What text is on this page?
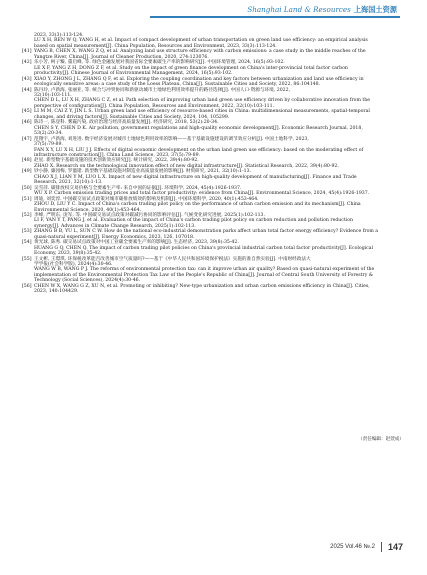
Shanghai Land & Resources 上海国土资源
2023, 33(3):113-124.
LU X H, REN W Q, YANG H, et al. Impact of compact development of urban transportation on green land use efficiency: an empirical analysis
based on spatial measurement[J]. China Population, Resources and Environment, 2023, 33(3):113-124.
[41] YANG B, CHEN X, WANG Z Q, et al. Analyzing land use structure efficiency with carbon emissions: a case study in the middle reaches of the
Yangtze River, China[J]. Journal of Cleaner Production, 2020, 274:123076.
[42] 乐小芳, 柯子臻, 董启峰, 等. 绿色金融发展对我国省际全要素碳生产率的影响研究[J]. 中国环境管理, 2024, 16(5):93-102.
LE X F, YANG Z H, DONG Z F, et al. Study on the impact of green finance development on China's inter-provincial total factor carbon
productivity[J]. Chinese Journal of Environmental Management, 2024, 16(5):93-102.
[43] XIAO Y, ZHONG J L, ZHANG Q F, et al. Exploring the coupling coordination and key factors between urbanization and land use efficiency in
ecologically sensitive areas: a case study of the Loess Plateau, China[J]. Sustainable Cities and Society, 2022, 86:104148.
[44] 陈丹玲, 卢新海, 张丽亚, 等. 统合与冲突协同和新驱动城市土地绿色利用效率提升的路径选择[J]. 中国人口·资源与环境, 2022,
32(10):103-111.
CHEN D L, LU X H, ZHANG C Z, et al. Path selection of improving urban land green use efficiency driven by collaborative innovation from the
perspective of configuration[J]. China Population, Resources and Environment, 2022, 32(10):103-111.
[45] LI M M, CAI Z Y, JIN L S. Urban green land use efficiency of resource-based cities in China: multidimensional measurements, spatial-temporal
changes, and driving factors[J]. Sustainable Cities and Society, 2024, 104, 105299.
[46] 陈诗一, 陈登科. 雾霾污染, 政府治理与经济高质量发展[J]. 经济研究, 2018, 53(2):20-34.
CHEN S Y, CHEN D K. Air pollution, government regulations and high-quality economic development[J]. Economic Research Journal, 2018,
53(2):20-34.
[47] 范翔宇, 卢新海, 刘进进. 数字经济发展对城市土地绿色利用效率的影响——基于基础设施建设的调节效应分析[J]. 中国土地科学, 2023,
37(5):79-89.
FAN X Y, LU X H, LIU J J. Effects of digital economic development on the urban land green use efficiency: based on the moderating effect of
infrastructure construction[J]. China Land Science, 2023, 37(5):79-89.
[48] 赵星. 新型数字基础设施的技术创新效应研究[J]. 统计研究, 2022, 39(4):80-92.
ZHAO X. Research on the technological innovation effect of new digital infrastructure[J]. Statistical Research, 2022, 39(4):80-92.
[49] 钞小静, 廉园梅, 罗鎏锴. 新型数字基础设施对制造业高质量发展的影响[J]. 财贸研究, 2021, 32(10):1-13.
CHAO X J, LIAN Y M, LUO L X. Impact of new digital infrastructure on high-quality development of manufacturing[J]. Finance and Trade
Research, 2021, 32(10):1-13.
[50] 吴雪萍. 碳排放权交易价格与全要素生产率: 来自中国的证据[J]. 环境科学, 2024, 45(4):1926-1937.
WU X P. Carbon emission trading prices and total factor productivity: evidence from China[J]. Environmental Science, 2024, 45(4):1926-1937.
[51] 周迪, 刘奕淳. 中国碳交易试点政策对城市碳排放绩效的影响及机制[J]. 中国环境科学, 2020, 40(1):453-464.
ZHOU D, LIU Y C. Impact of China's carbon trading pilot policy on the performance of urban carbon emission and its mechanism[J]. China
Environmental Science, 2020, 40(1):453-464.
[52] 李峰, 严明东, 庞军, 等. 中国碳交易试点政策对碳减污协同的影响评估[J]. 气候变化研究进展, 2025(1):102-113.
LI F, YAN Y T, PANG J, et al. Evaluation of the impact of China's carbon trading pilot policy on carbon reduction and pollution reduction
synergy[J]. Advances in Climate Change Research, 2025(1):102-113.
[53] ZHANG B B, YU L, SUN C W. How do the national eco-industrial demonstration parks affect urban total factor energy efficiency? Evidence from a
quasi-natural experiment[J]. Energy Economics, 2023, 126, 107018.
[54] 黄光球, 陈秀. 碳交易试点政策对中国工业碳全要素生产率的影响[J]. 生态经济, 2023, 39(8):35-42.
HUANG G Q, CHEN Q. The impact of carbon trading pilot policies on China's provincial industrial carbon total factor productivity[J]. Ecological
Economy, 2023, 39(8):35-42.
[55] 王文彬, 王璟琪. 环保税改革能否改善城市空气质量吗?——基于《中华人民共和国环境保护税法》实施的准自然实验[J]. 中南财经政法大
学学报(社会科学版), 2024(4):30-46.
WANG W B, WANG P J. The reforms of environmental protection tax: can it improve urban air quality? Based on quasi-natural experiment of the
implementation of the Environmental Protection Tax Law of the People's Republic of China[J]. Journal of Central South University of Forestry &
Technology (Social Sciences), 2024(4):30-46.
[56] CHEN W X, WANG G Z, XU N, et al. Promoting or inhibiting? New-type urbanization and urban carbon emissions efficiency in China[J]. Cities,
2023, 140:104429.
（责任编辑：赵萱成）
2025 Vol.46 №.2 147
